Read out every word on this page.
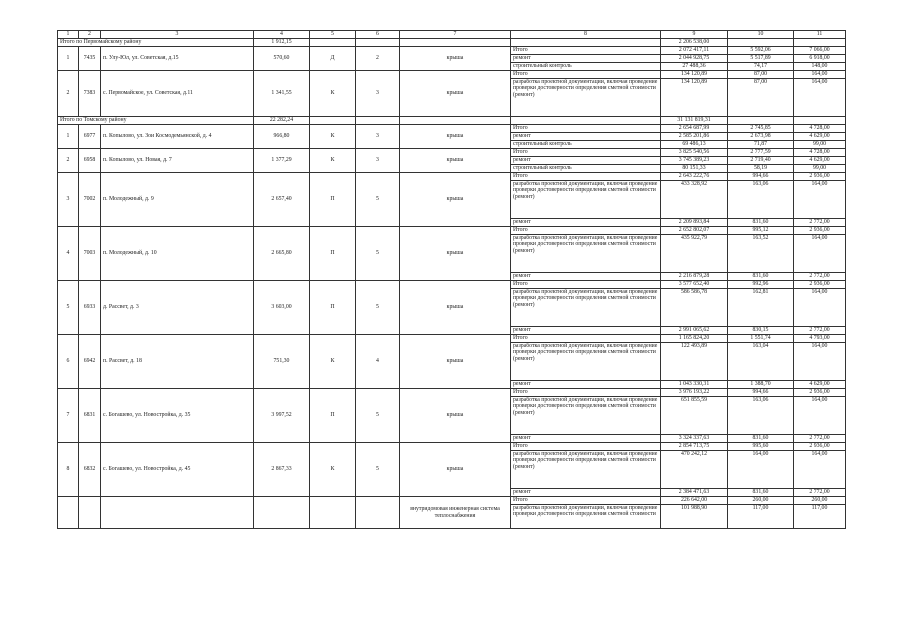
1	2	3	4	5	6	7	8	9	10	11
Итого по Первомайскому району			1 912,15					2 206 538,00		
1	7435	п. Улу-Юл, ул. Советская, д.15	570,60	Д	2	крыша	Итого	2 072 417,11	5 592,06	7 066,00
							ремонт	2 044 928,75	5 517,89	6 918,00
							строительный контроль	27 488,36	74,17	148,00
2	7383	с. Первомайское, ул. Советская, д.11	1 341,55	К	3	крыша	Итого	134 120,89	87,00	164,00
							разработка проектной документации, включая проведение проверки достоверности определения сметной стоимости (ремонт)	134 120,89	87,00	164,00
Итого по Томскому району			22 282,24					31 131 819,31		
1	6977	п. Копылово, ул. Зои Космодемьянской, д. 4	966,80	К	3	крыша	Итого	2 654 687,99	2 745,85	4 728,00
							ремонт	2 585 201,86	2 673,98	4 629,00
							строительный контроль	69 486,13	71,87	99,00
2	6958	п. Копылово, ул. Новая, д. 7	1 377,29	К	3	крыша	Итого	3 825 540,56	2 777,59	4 728,00
							ремонт	3 745 389,23	2 719,40	4 629,00
							строительный контроль	80 151,33	58,19	99,00
3	7002	п. Молодежный, д. 9	2 657,40	П	5	крыша	Итого	2 643 222,76	994,66	2 936,00
							разработка проектной документации, включая проведение проверки достоверности определения сметной стоимости (ремонт)	433 328,92	163,06	164,00
							ремонт	2 209 893,84	831,60	2 772,00
4	7003	п. Молодежный, д. 10	2 665,80	П	5	крыша	Итого	2 652 802,07	995,12	2 936,00
							разработка проектной документации, включая проведение проверки достоверности определения сметной стоимости (ремонт)	435 922,79	163,52	164,00
							ремонт	2 216 879,28	831,60	2 772,00
5	6933	д. Рассвет, д. 3	3 603,00	П	5	крыша	Итого	3 577 652,40	992,96	2 936,00
							разработка проектной документации, включая проведение проверки достоверности определения сметной стоимости (ремонт)	586 586,78	162,81	164,00
							ремонт	2 991 065,62	830,15	2 772,00
6	6942	п. Рассвет, д. 18	751,30	К	4	крыша	Итого	1 165 824,20	1 551,74	4 793,00
							разработка проектной документации, включая проведение проверки достоверности определения сметной стоимости (ремонт)	122 493,89	163,04	164,00
							ремонт	1 043 330,31	1 388,70	4 629,00
7	6831	с. Богашево, ул. Новостройка, д. 35	3 997,52	П	5	крыша	Итого	3 976 193,22	994,66	2 936,00
							разработка проектной документации, включая проведение проверки достоверности определения сметной стоимости (ремонт)	651 855,59	163,06	164,00
							ремонт	3 324 337,63	831,60	2 772,00
8	6832	с. Богашево, ул. Новостройка, д. 45	2 867,33	К	5	крыша	Итого	2 854 713,75	995,60	2 936,00
							разработка проектной документации, включая проведение проверки достоверности определения сметной стоимости (ремонт)	470 242,12	164,00	164,00
							ремонт	2 384 471,63	831,60	2 772,00
						внутридомовая инженерная система теплоснабжения	Итого	226 642,00	260,00	260,00
							разработка проектной документации, включая проведение проверки достоверности определения сметной стоимости	101 988,90	117,00	117,00
